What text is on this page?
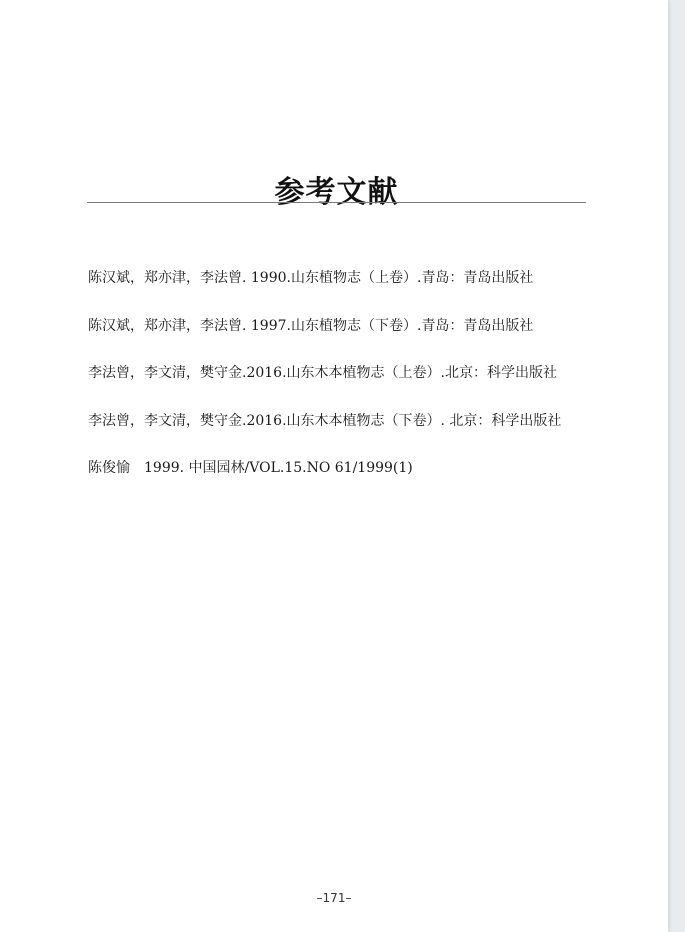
参考文献
陈汉斌，郑亦津，李法曾. 1990.山东植物志（上卷）.青岛：青岛出版社
陈汉斌，郑亦津，李法曾. 1997.山东植物志（下卷）.青岛：青岛出版社
李法曾，李文清，樊守金.2016.山东木本植物志（上卷）.北京：科学出版社
李法曾，李文清，樊守金.2016.山东木本植物志（下卷）. 北京：科学出版社
陈俊愉　1999. 中国园林/VOL.15.NO 61/1999(1)
–171–
